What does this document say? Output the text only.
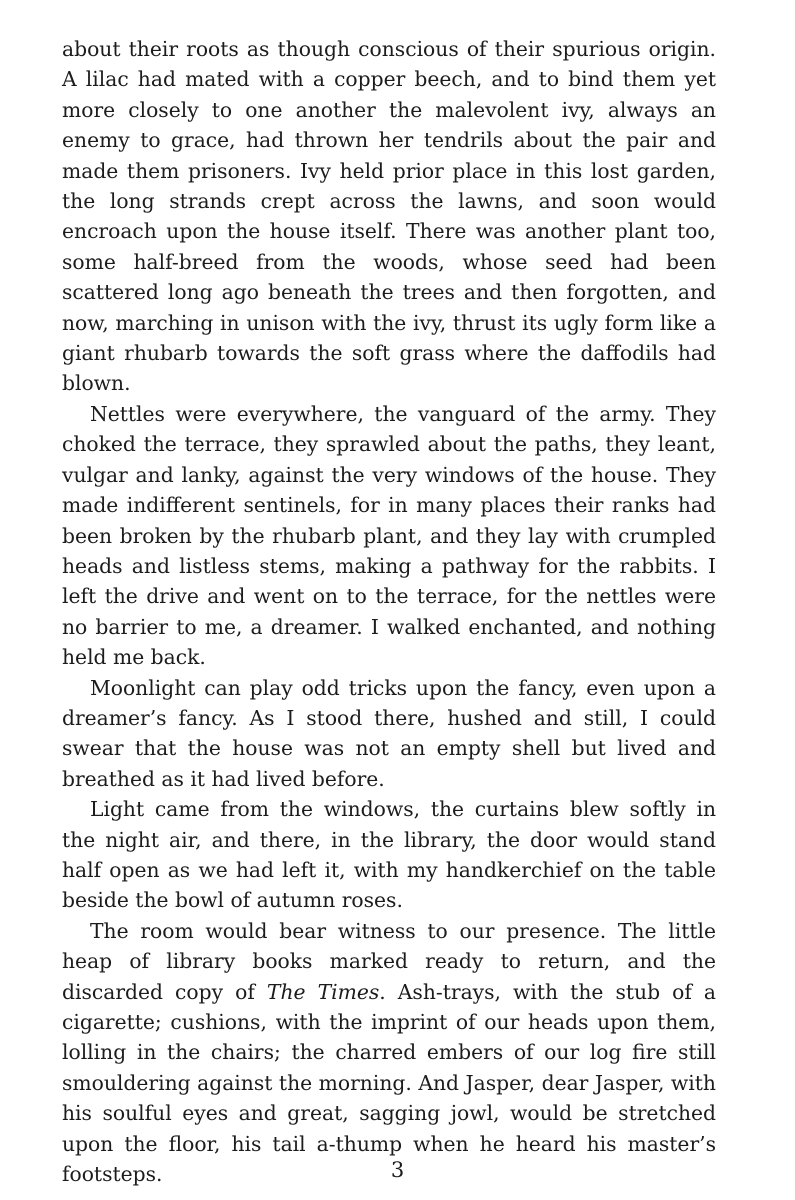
about their roots as though conscious of their spurious origin. A lilac had mated with a copper beech, and to bind them yet more closely to one another the malevolent ivy, always an enemy to grace, had thrown her tendrils about the pair and made them prisoners. Ivy held prior place in this lost garden, the long strands crept across the lawns, and soon would encroach upon the house itself. There was another plant too, some half-breed from the woods, whose seed had been scattered long ago beneath the trees and then forgotten, and now, marching in unison with the ivy, thrust its ugly form like a giant rhubarb towards the soft grass where the daffodils had blown.

Nettles were everywhere, the vanguard of the army. They choked the terrace, they sprawled about the paths, they leant, vulgar and lanky, against the very windows of the house. They made indifferent sentinels, for in many places their ranks had been broken by the rhubarb plant, and they lay with crumpled heads and listless stems, making a pathway for the rabbits. I left the drive and went on to the terrace, for the nettles were no barrier to me, a dreamer. I walked enchanted, and nothing held me back.

Moonlight can play odd tricks upon the fancy, even upon a dreamer’s fancy. As I stood there, hushed and still, I could swear that the house was not an empty shell but lived and breathed as it had lived before.

Light came from the windows, the curtains blew softly in the night air, and there, in the library, the door would stand half open as we had left it, with my handkerchief on the table beside the bowl of autumn roses.

The room would bear witness to our presence. The little heap of library books marked ready to return, and the discarded copy of The Times. Ash-trays, with the stub of a cigarette; cushions, with the imprint of our heads upon them, lolling in the chairs; the charred embers of our log fire still smouldering against the morning. And Jasper, dear Jasper, with his soulful eyes and great, sagging jowl, would be stretched upon the floor, his tail a-thump when he heard his master’s footsteps.	3
